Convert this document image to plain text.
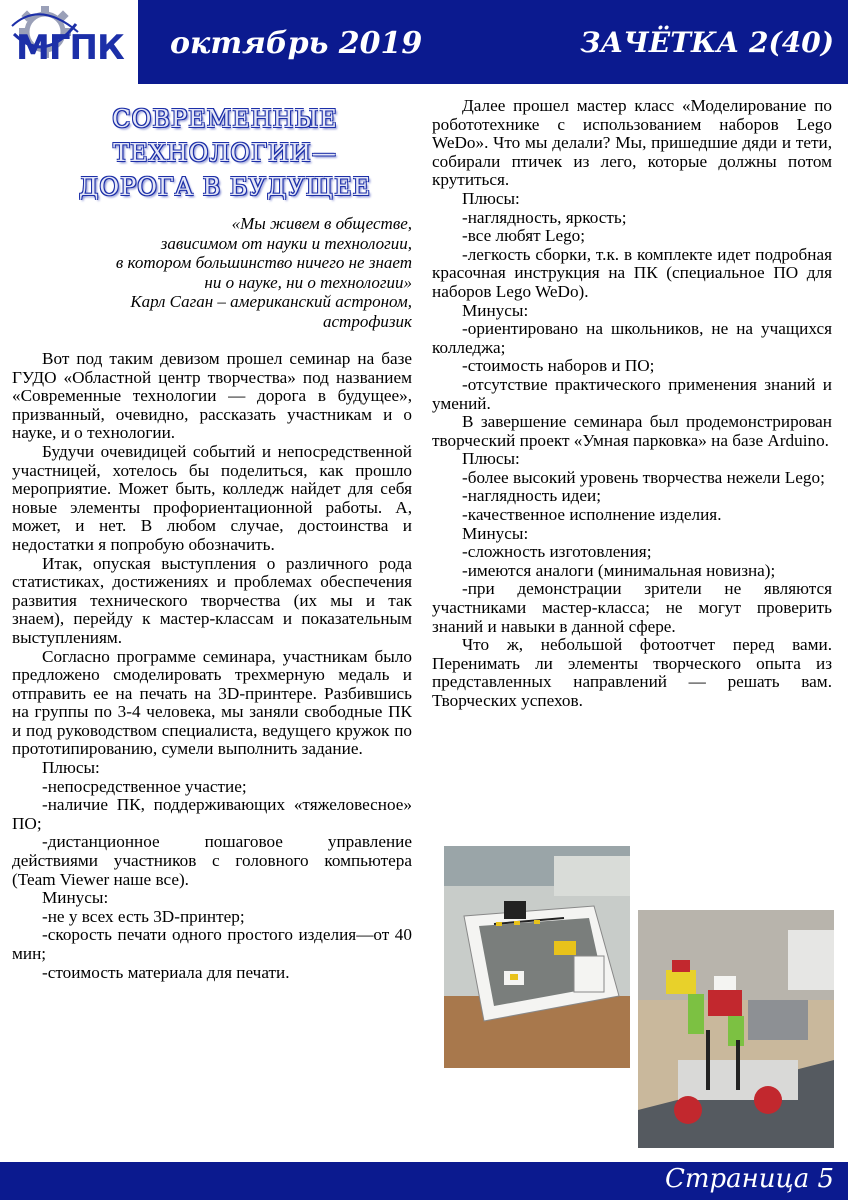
МГПК октябрь 2019	ЗАЧЁТКА 2(40)
СОВРЕМЕННЫЕ
ТЕХНОЛОГИИ—
ДОРОГА В БУДУЩЕЕ
«Мы живем в обществе,
зависимом от науки и технологии,
в котором большинство ничего не знает
ни о науке, ни о технологии»
Карл Саган – американский астроном,
астрофизик

Вот под таким девизом прошел семинар на базе ГУДО «Областной центр творчества» под названием «Современные технологии — дорога в будущее», призванный, очевидно, рассказать участникам и о науке, и о технологии.

Будучи очевидицей событий и непосредственной участницей, хотелось бы поделиться, как прошло мероприятие. Может быть, колледж найдет для себя новые элементы профориентационной работы. А, может, и нет. В любом случае, достоинства и недостатки я попробую обозначить.

Итак, опуская выступления о различного рода статистиках, достижениях и проблемах обеспечения развития технического творчества (их мы и так знаем), перейду к мастер-классам и показательным выступлениям.

Согласно программе семинара, участникам было предложено смоделировать трехмерную медаль и отправить ее на печать на 3D-принтере. Разбившись на группы по 3-4 человека, мы заняли свободные ПК и под руководством специалиста, ведущего кружок по прототипированию, сумели выполнить задание.

Плюсы:

-непосредственное участие;

-наличие ПК, поддерживающих «тяжеловесное» ПО;

-дистанционное пошаговое управление действиями участников с головного компьютера (Team Viewer наше все).

Минусы:

-не у всех есть 3D-принтер;

-скорость печати одного простого изделия—от 40 мин;

-стоимость материала для печати.

Далее прошел мастер класс «Моделирование по робототехнике с использованием наборов Lego WeDo». Что мы делали? Мы, пришедшие дяди и тети, собирали птичек из лего, которые должны потом крутиться.

Плюсы:

-наглядность, яркость;

-все любят Lego;

-легкость сборки, т.к. в комплекте идет подробная красочная инструкция на ПК (специальное ПО для наборов Lego WeDo).

Минусы:

-ориентировано на школьников, не на учащихся колледжа;

-стоимость наборов и ПО;

-отсутствие практического применения знаний и умений.

В завершение семинара был продемонстрирован творческий проект «Умная парковка» на базе Arduino.

Плюсы:

-более высокий уровень творчества нежели Lego;

-наглядность идеи;

-качественное исполнение изделия.

Минусы:

-сложность изготовления;

-имеются аналоги (минимальная новизна);

-при демонстрации зрители не являются участниками мастер-класса; не могут проверить знаний и навыки в данной сфере.

Что ж, небольшой фотоотчет перед вами. Перенимать ли элементы творческого опыта из представленных направлений — решать вам. Творческих успехов.

Страница 5
